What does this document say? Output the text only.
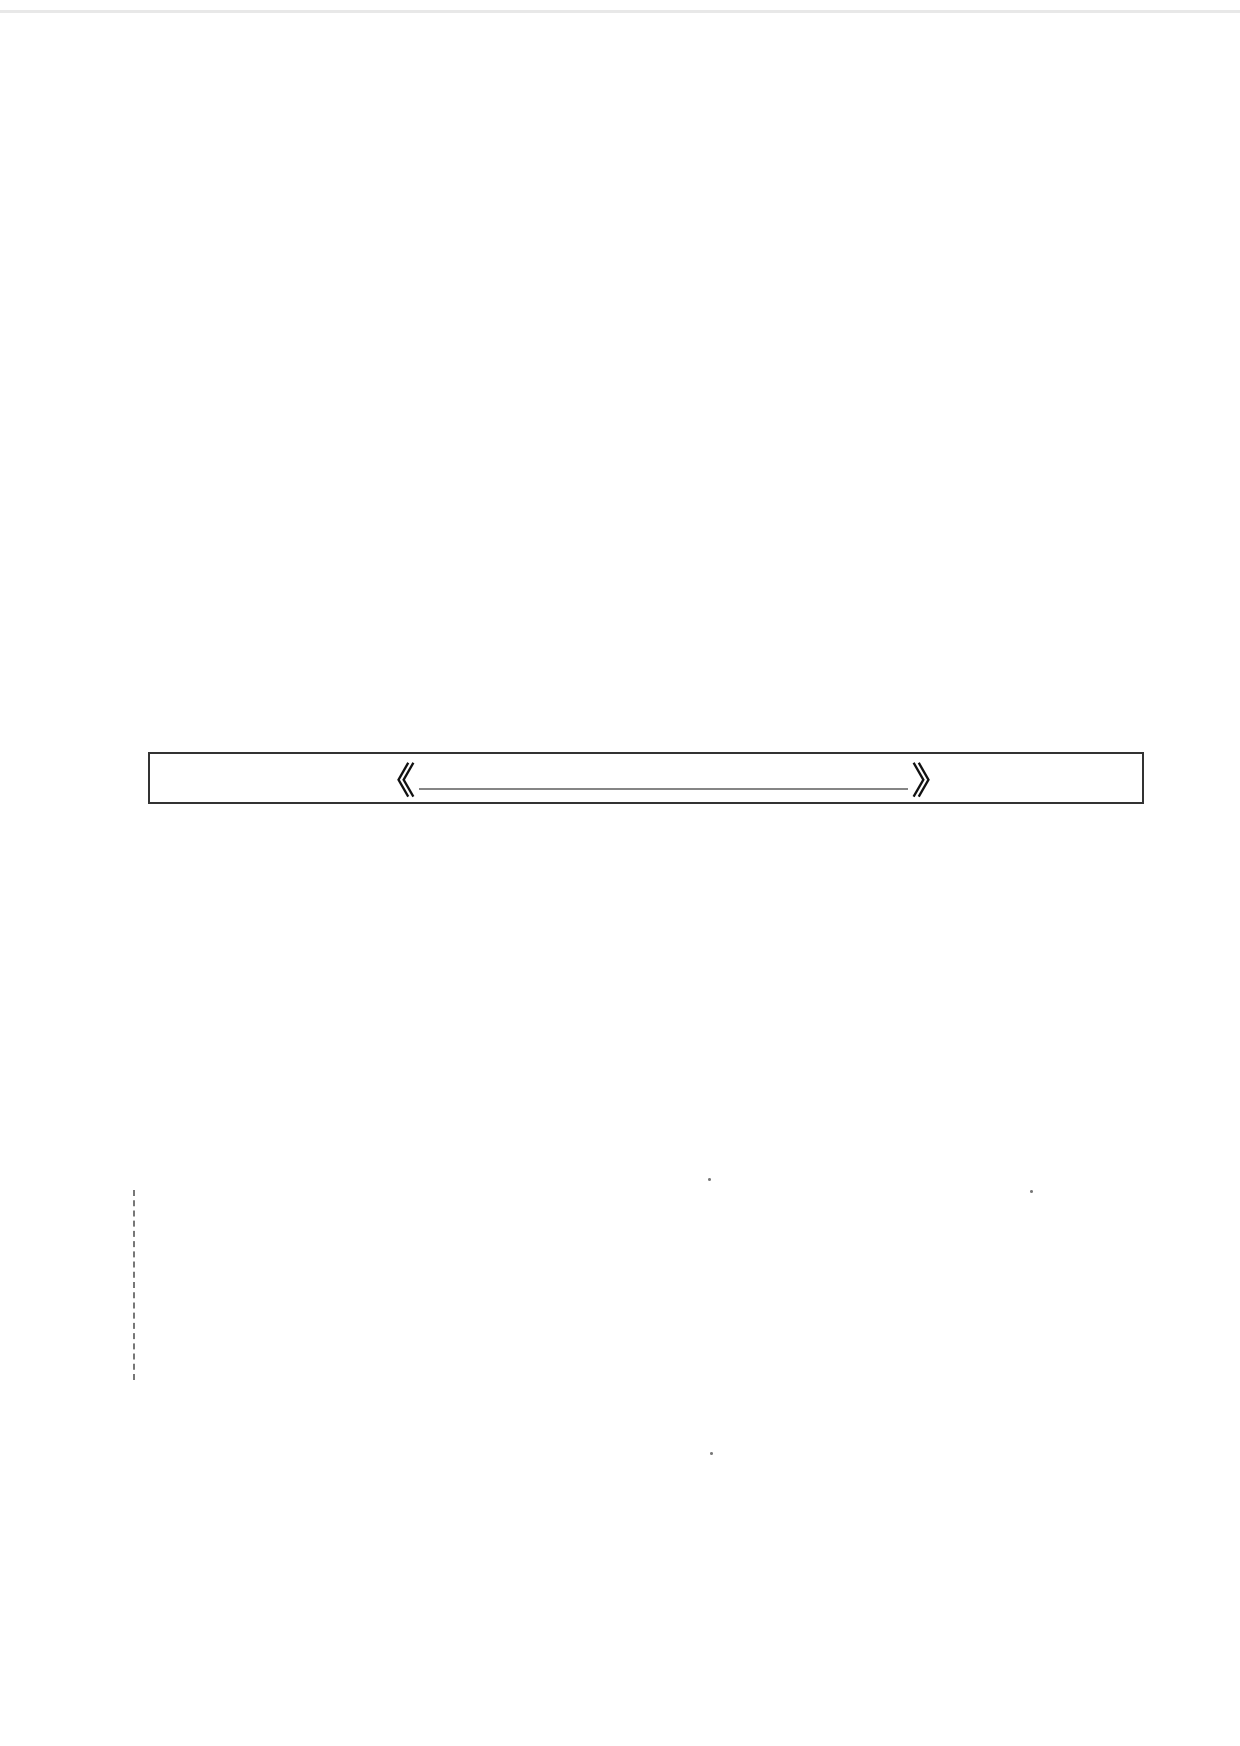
《	》
